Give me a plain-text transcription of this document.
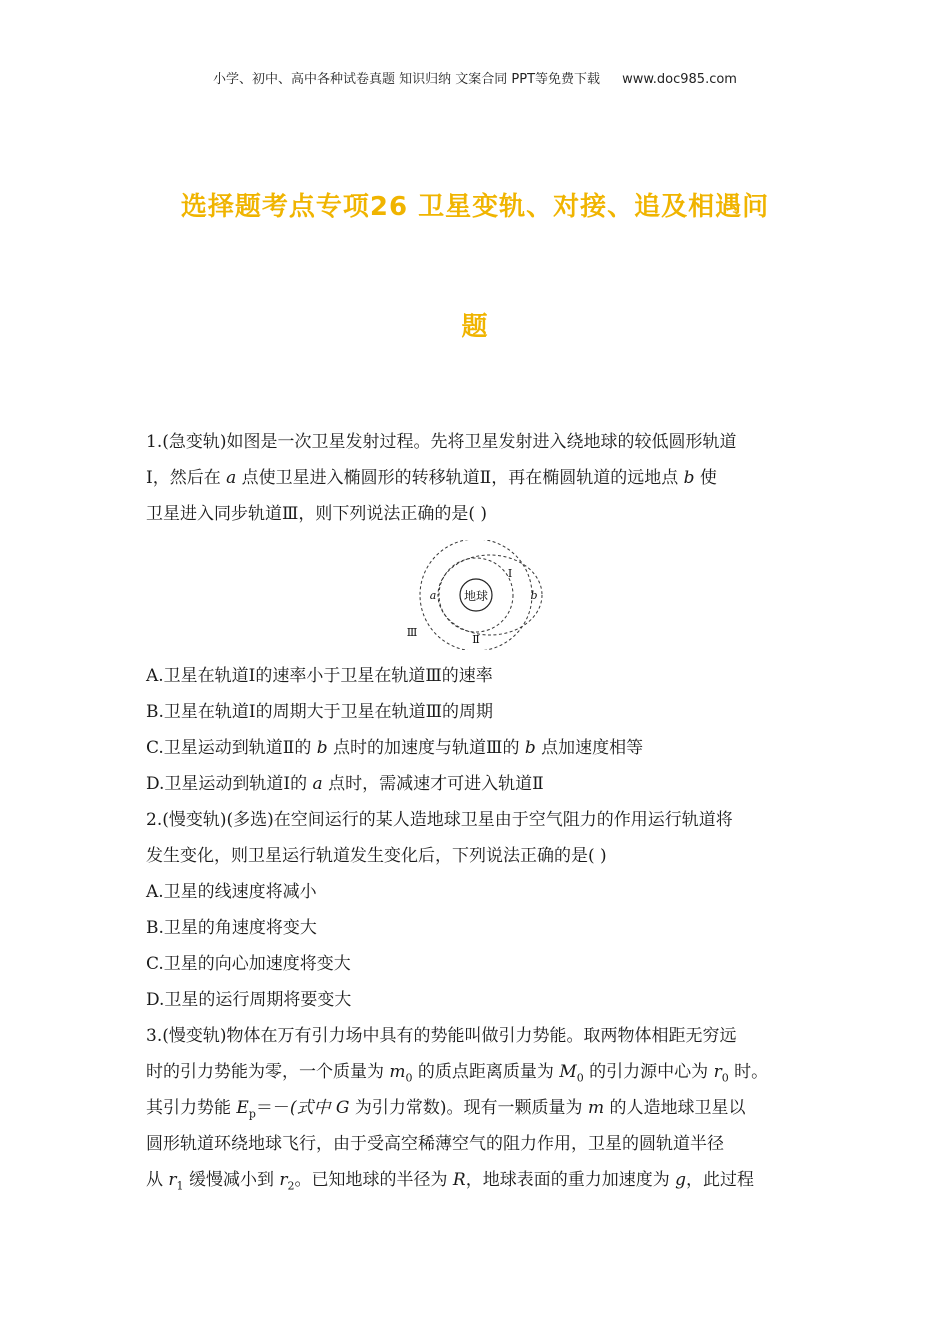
小学、初中、高中各种试卷真题 知识归纳 文案合同 PPT等免费下载 www.doc985.com
选择题考点专项26 卫星变轨、对接、追及相遇问
题
1.(急变轨)如图是一次卫星发射过程。先将卫星发射进入绕地球的较低圆形轨道
Ⅰ，然后在 a 点使卫星进入椭圆形的转移轨道Ⅱ，再在椭圆轨道的远地点 b 使
卫星进入同步轨道Ⅲ，则下列说法正确的是( )
地球
a	b
Ⅰ
Ⅱ
Ⅲ
A.卫星在轨道Ⅰ的速率小于卫星在轨道Ⅲ的速率
B.卫星在轨道Ⅰ的周期大于卫星在轨道Ⅲ的周期
C.卫星运动到轨道Ⅱ的 b 点时的加速度与轨道Ⅲ的 b 点加速度相等
D.卫星运动到轨道Ⅰ的 a 点时，需减速才可进入轨道Ⅱ
2.(慢变轨)(多选)在空间运行的某人造地球卫星由于空气阻力的作用运行轨道将
发生变化，则卫星运行轨道发生变化后，下列说法正确的是( )
A.卫星的线速度将减小
B.卫星的角速度将变大
C.卫星的向心加速度将变大
D.卫星的运行周期将要变大
3.(慢变轨)物体在万有引力场中具有的势能叫做引力势能。取两物体相距无穷远
时的引力势能为零，一个质量为 $m_0$ 的质点距离质量为 $M_0$ 的引力源中心为 $r_0$ 时。
其引力势能 $E_p=-$(式中 G 为引力常数)。现有一颗质量为 m 的人造地球卫星以
圆形轨道环绕地球飞行，由于受高空稀薄空气的阻力作用，卫星的圆轨道半径
从 $r_1$ 缓慢减小到 $r_2$。已知地球的半径为 R，地球表面的重力加速度为 g，此过程
